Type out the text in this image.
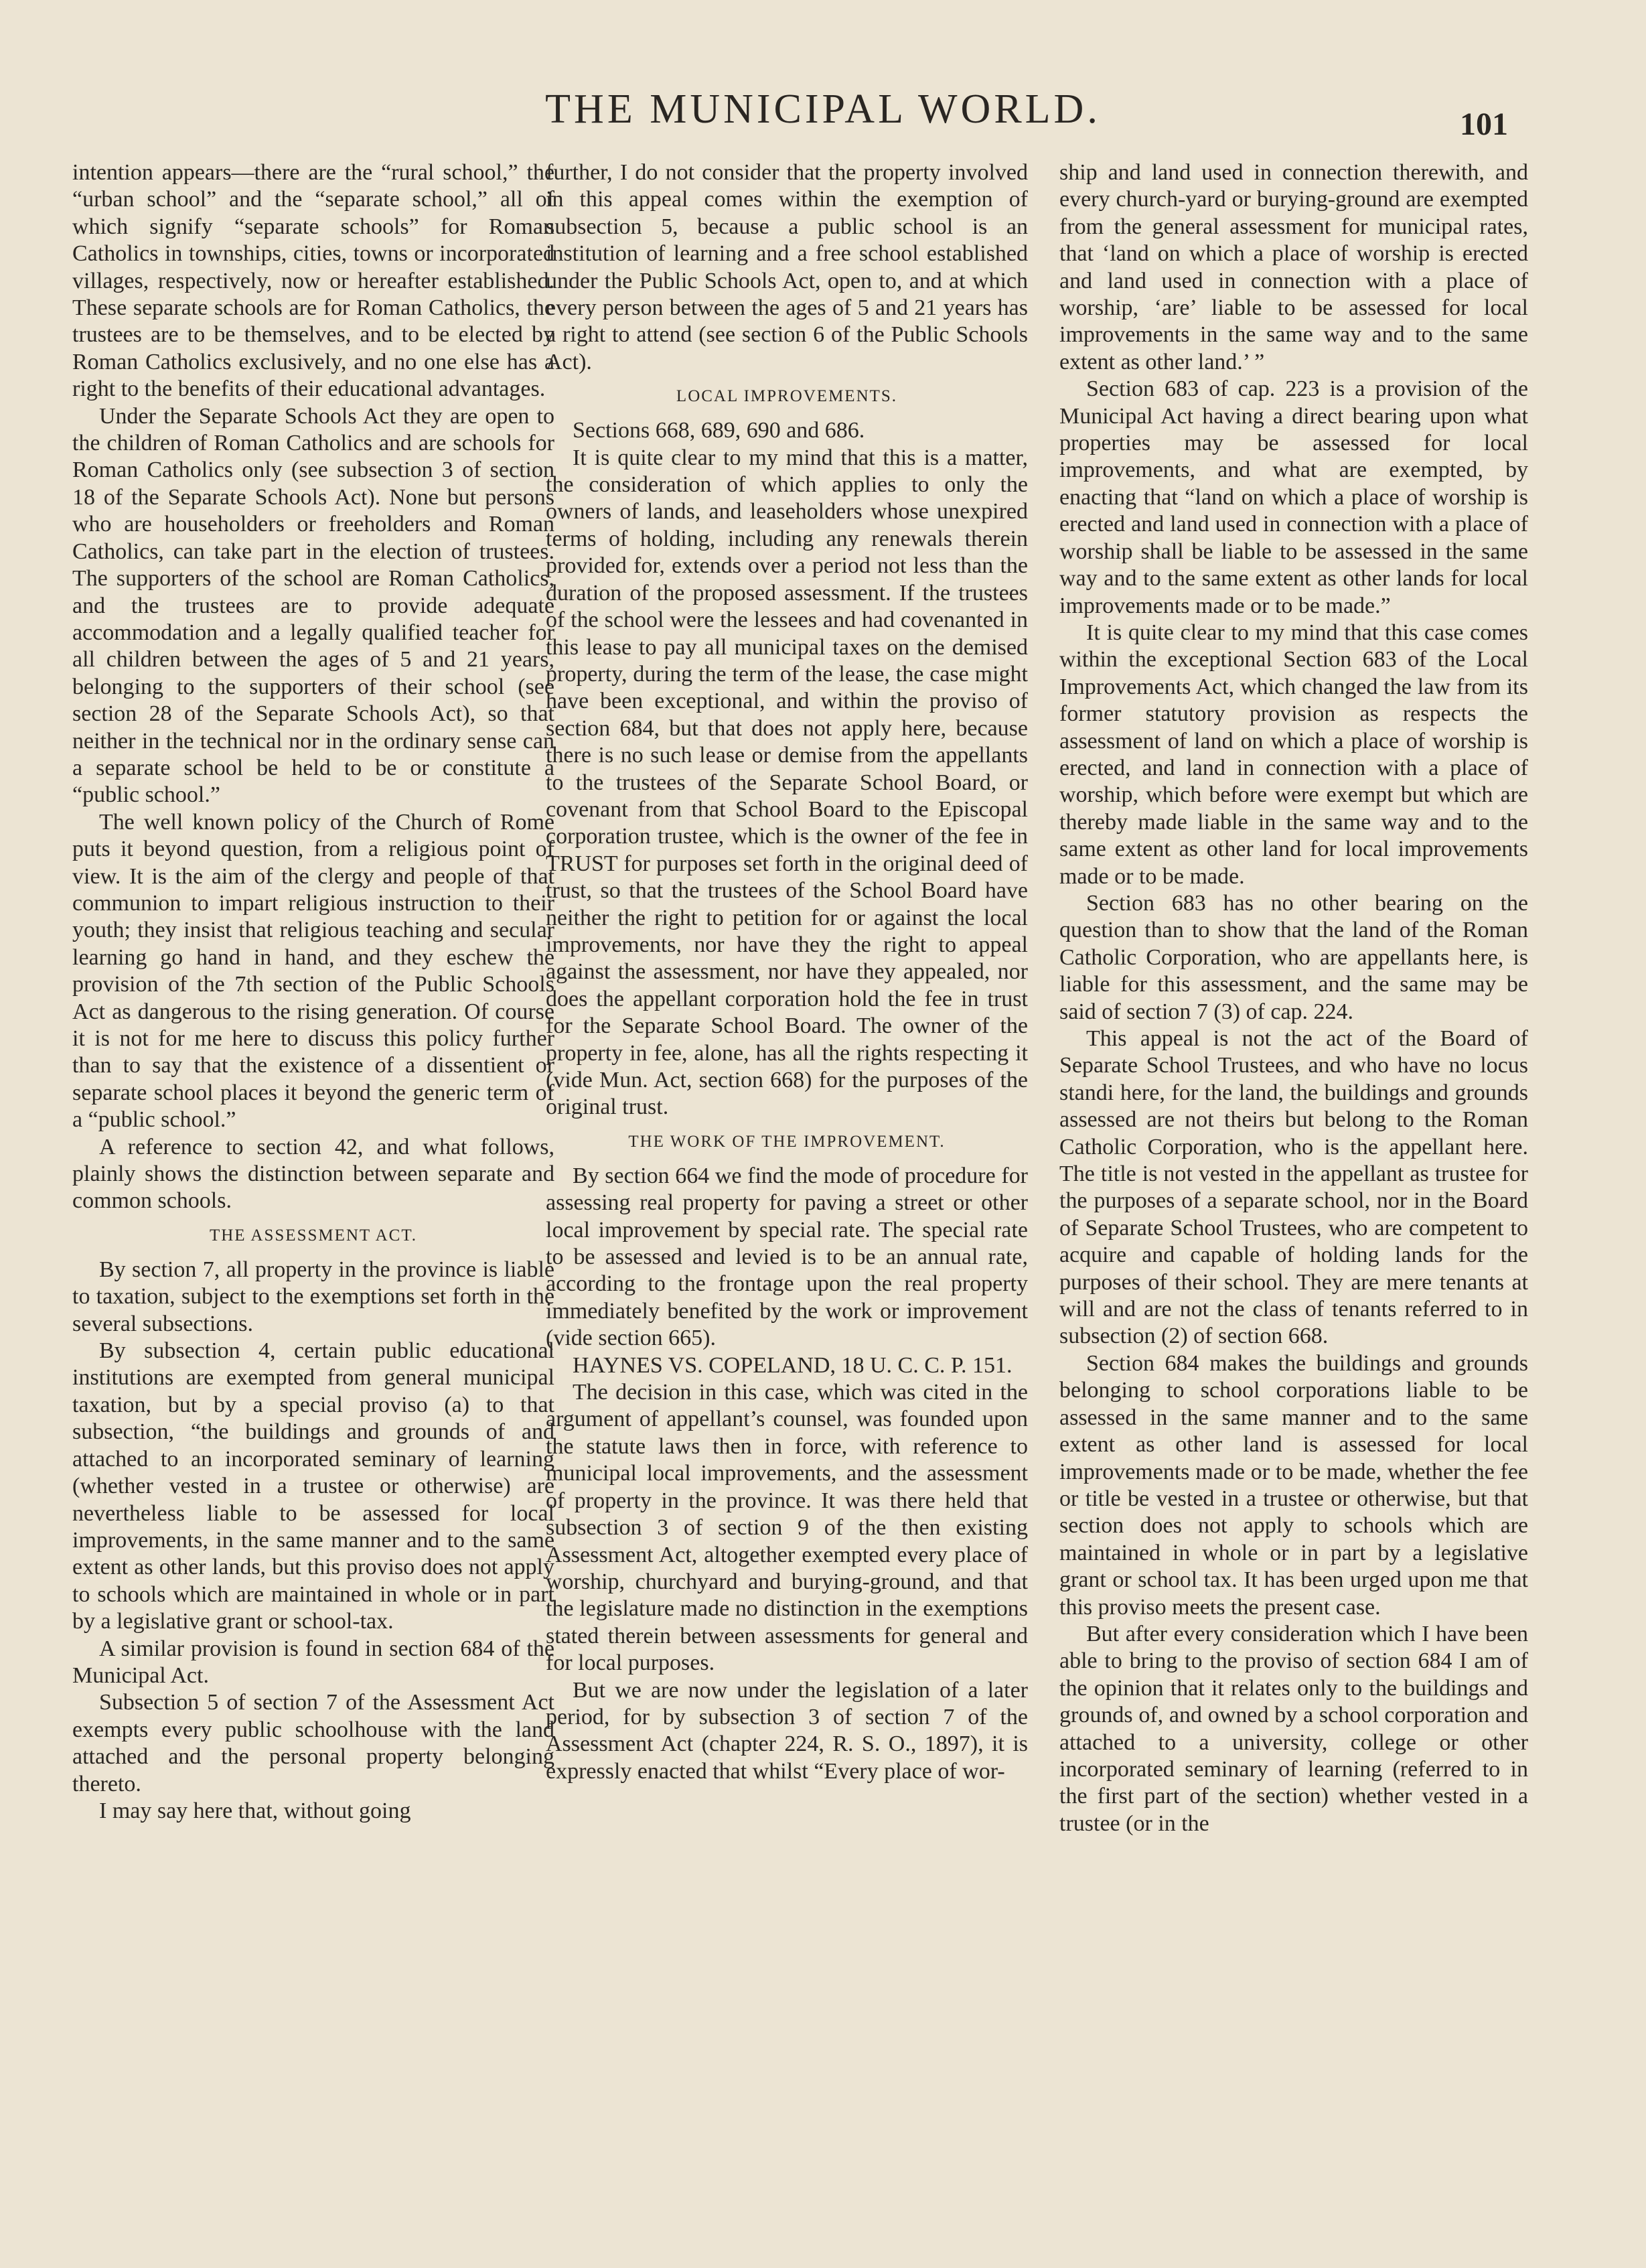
THE MUNICIPAL WORLD.	101

intention appears—there are the “rural school,” the “urban school” and the “separate school,” all of which signify “separate schools” for Roman Catholics in townships, cities, towns or incorporated villages, respectively, now or hereafter established. These separate schools are for Roman Catholics, the trustees are to be themselves, and to be elected by Roman Catholics exclusively, and no one else has a right to the benefits of their educational advantages.

Under the Separate Schools Act they are open to the children of Roman Catholics and are schools for Roman Catholics only (see subsection 3 of section 18 of the Separate Schools Act). None but persons who are householders or freeholders and Roman Catholics, can take part in the election of trustees. The supporters of the school are Roman Catholics, and the trustees are to provide adequate accommodation and a legally qualified teacher for all children between the ages of 5 and 21 years, belonging to the supporters of their school (see section 28 of the Separate Schools Act), so that neither in the technical nor in the ordinary sense can a separate school be held to be or constitute a “public school.”

The well known policy of the Church of Rome puts it beyond question, from a religious point of view. It is the aim of the clergy and people of that communion to impart religious instruction to their youth; they insist that religious teaching and secular learning go hand in hand, and they eschew the provision of the 7th section of the Public Schools Act as dangerous to the rising generation. Of course it is not for me here to discuss this policy further than to say that the existence of a dissentient or separate school places it beyond the generic term of a “public school.”

A reference to section 42, and what follows, plainly shows the distinction between separate and common schools.

THE ASSESSMENT ACT.

By section 7, all property in the province is liable to taxation, subject to the exemptions set forth in the several subsections.

By subsection 4, certain public educational institutions are exempted from general municipal taxation, but by a special proviso (a) to that subsection, “the buildings and grounds of and attached to an incorporated seminary of learning (whether vested in a trustee or otherwise) are nevertheless liable to be assessed for local improvements, in the same manner and to the same extent as other lands, but this proviso does not apply to schools which are maintained in whole or in part by a legislative grant or school-tax.

A similar provision is found in section 684 of the Municipal Act.

Subsection 5 of section 7 of the Assessment Act exempts every public schoolhouse with the land attached and the personal property belonging thereto.

I may say here that, without going

further, I do not consider that the property involved in this appeal comes within the exemption of subsection 5, because a public school is an institution of learning and a free school established under the Public Schools Act, open to, and at which every person between the ages of 5 and 21 years has a right to attend (see section 6 of the Public Schools Act).

LOCAL IMPROVEMENTS.

Sections 668, 689, 690 and 686.

It is quite clear to my mind that this is a matter, the consideration of which applies to only the owners of lands, and leaseholders whose unexpired terms of holding, including any renewals therein provided for, extends over a period not less than the duration of the proposed assessment. If the trustees of the school were the lessees and had covenanted in this lease to pay all municipal taxes on the demised property, during the term of the lease, the case might have been exceptional, and within the proviso of section 684, but that does not apply here, because there is no such lease or demise from the appellants to the trustees of the Separate School Board, or covenant from that School Board to the Episcopal corporation trustee, which is the owner of the fee in TRUST for purposes set forth in the original deed of trust, so that the trustees of the School Board have neither the right to petition for or against the local improvements, nor have they the right to appeal against the assessment, nor have they appealed, nor does the appellant corporation hold the fee in trust for the Separate School Board. The owner of the property in fee, alone, has all the rights respecting it (vide Mun. Act, section 668) for the purposes of the original trust.

THE WORK OF THE IMPROVEMENT.

By section 664 we find the mode of procedure for assessing real property for paving a street or other local improvement by special rate. The special rate to be assessed and levied is to be an annual rate, according to the frontage upon the real property immediately benefited by the work or improvement (vide section 665).

HAYNES VS. COPELAND, 18 U. C. C. P. 151.

The decision in this case, which was cited in the argument of appellant’s counsel, was founded upon the statute laws then in force, with reference to municipal local improvements, and the assessment of property in the province. It was there held that subsection 3 of section 9 of the then existing Assessment Act, altogether exempted every place of worship, churchyard and burying-ground, and that the legislature made no distinction in the exemptions stated therein between assessments for general and for local purposes.

But we are now under the legislation of a later period, for by subsection 3 of section 7 of the Assessment Act (chapter 224, R. S. O., 1897), it is expressly enacted that whilst “Every place of wor-

ship and land used in connection therewith, and every church-yard or burying-ground are exempted from the general assessment for municipal rates, that ‘land on which a place of worship is erected and land used in connection with a place of worship, ‘are’ liable to be assessed for local improvements in the same way and to the same extent as other land.’ ”

Section 683 of cap. 223 is a provision of the Municipal Act having a direct bearing upon what properties may be assessed for local improvements, and what are exempted, by enacting that “land on which a place of worship is erected and land used in connection with a place of worship shall be liable to be assessed in the same way and to the same extent as other lands for local improvements made or to be made.”

It is quite clear to my mind that this case comes within the exceptional Section 683 of the Local Improvements Act, which changed the law from its former statutory provision as respects the assessment of land on which a place of worship is erected, and land in connection with a place of worship, which before were exempt but which are thereby made liable in the same way and to the same extent as other land for local improvements made or to be made.

Section 683 has no other bearing on the question than to show that the land of the Roman Catholic Corporation, who are appellants here, is liable for this assessment, and the same may be said of section 7 (3) of cap. 224.

This appeal is not the act of the Board of Separate School Trustees, and who have no locus standi here, for the land, the buildings and grounds assessed are not theirs but belong to the Roman Catholic Corporation, who is the appellant here. The title is not vested in the appellant as trustee for the purposes of a separate school, nor in the Board of Separate School Trustees, who are competent to acquire and capable of holding lands for the purposes of their school. They are mere tenants at will and are not the class of tenants referred to in subsection (2) of section 668.

Section 684 makes the buildings and grounds belonging to school corporations liable to be assessed in the same manner and to the same extent as other land is assessed for local improvements made or to be made, whether the fee or title be vested in a trustee or otherwise, but that section does not apply to schools which are maintained in whole or in part by a legislative grant or school tax. It has been urged upon me that this proviso meets the present case.

But after every consideration which I have been able to bring to the proviso of section 684 I am of the opinion that it relates only to the buildings and grounds of, and owned by a school corporation and attached to a university, college or other incorporated seminary of learning (referred to in the first part of the section) whether vested in a trustee (or in the
